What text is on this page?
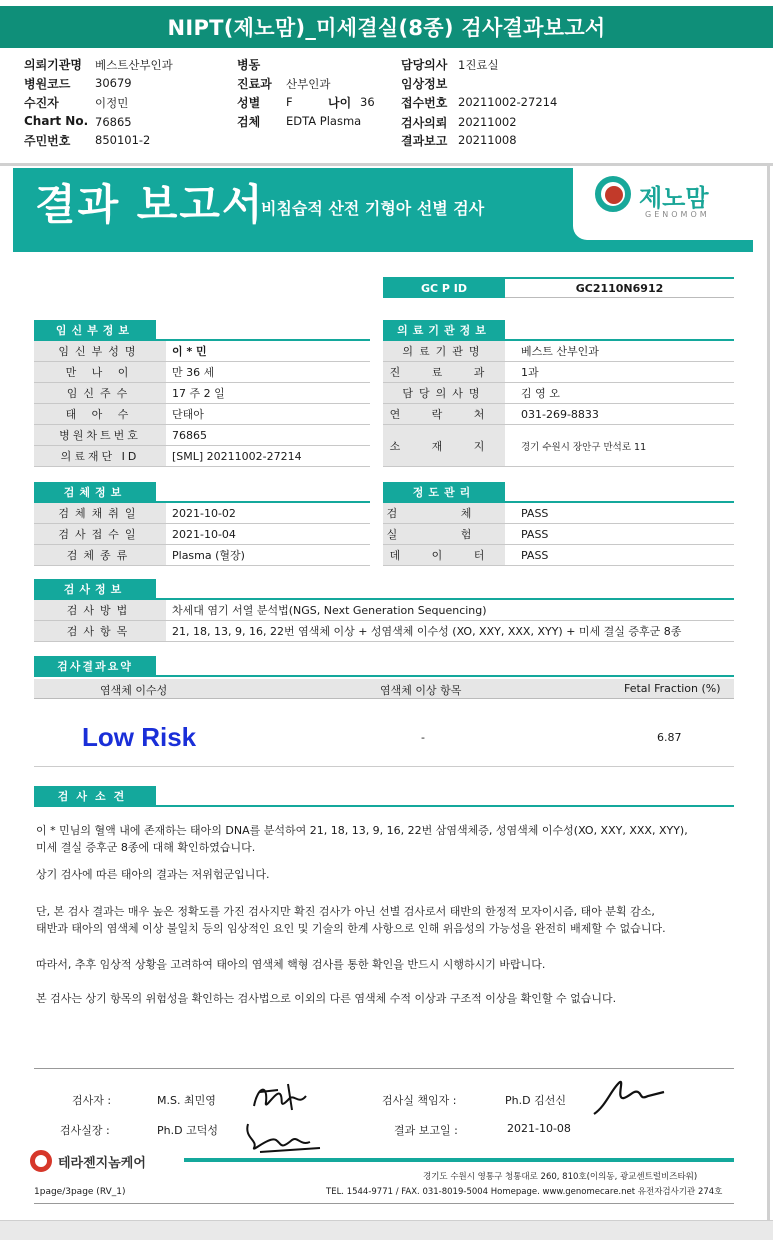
NIPT(제노맘)_미세결실(8종) 검사결과보고서
의뢰기관명 베스트산부인과
병원코드 30679
수진자	이정민
Chart No. 76865
주민번호 850101-2
병동
진료과 산부인과
성별 F	나이 36
검체 EDTA Plasma
담당의사 1진료실
임상정보
접수번호 20211002-27214
검사의뢰 20211002
결과보고 20211008
결과 보고서
비침습적 산전 기형아 선별 검사	제노맘
GENOMOM
GC P ID	GC2110N6912
임신부정보
임신부성명	이 * 민
만 나 이	만 36 세
임신주수	17 주 2 일
태 아 수	단태아
병원차트번호	76865
의료재단 ID	[SML] 20211002-27214
의료기관정보
의료기관명	베스트 산부인과
진 료 과	1과
담당의사명	김 영 오
연 락 처	031-269-8833
소 재 지	경기 수원시 장안구 만석로 11
검체정보
검체채취일	2021-10-02
검사접수일	2021-10-04
검체종류	Plasma (혈장)
정도관리
검 체	PASS
실 험	PASS
데 이 터	PASS
검사정보
검사방법	차세대 염기 서열 분석법(NGS, Next Generation Sequencing)
검사항목	21, 18, 13, 9, 16, 22번 염색체 이상 + 성염색체 이수성 (XO, XXY, XXX, XYY) + 미세 결실 증후군 8종
검사결과요약
염색체 이수성	염색체 이상 항목	Fetal Fraction (%)
Low Risk	-	6.87
검사소견
이 * 민님의 혈액 내에 존재하는 태아의 DNA를 분석하여 21, 18, 13, 9, 16, 22번 삼염색체증, 성염색체 이수성(XO, XXY, XXX, XYY),
미세 결실 증후군 8종에 대해 확인하였습니다.
상기 검사에 따른 태아의 결과는 저위험군입니다.
단, 본 검사 결과는 매우 높은 정확도를 가진 검사지만 확진 검사가 아닌 선별 검사로서 태반의 한정적 모자이시즘, 태아 분획 감소,
태반과 태아의 염색체 이상 불일치 등의 임상적인 요인 및 기술의 한계 사항으로 인해 위음성의 가능성을 완전히 배제할 수 없습니다.
따라서, 추후 임상적 상황을 고려하여 태아의 염색체 핵형 검사를 통한 확인을 반드시 시행하시기 바랍니다.
본 검사는 상기 항목의 위험성을 확인하는 검사법으로 이외의 다른 염색체 수적 이상과 구조적 이상을 확인할 수 없습니다.
검사자 :	M.S. 최민영	검사실 책임자 :	Ph.D 김선신
검사실장 :	Ph.D 고덕성	결과 보고일 :	2021-10-08
테라젠지놈케어
경기도 수원시 영통구 청통대로 260, 810호(이의동, 광교센트럴비즈타워)
TEL. 1544-9771 / FAX. 031-8019-5004 Homepage. www.genomecare.net 유전자검사기관 274호
1page/3page (RV_1)
